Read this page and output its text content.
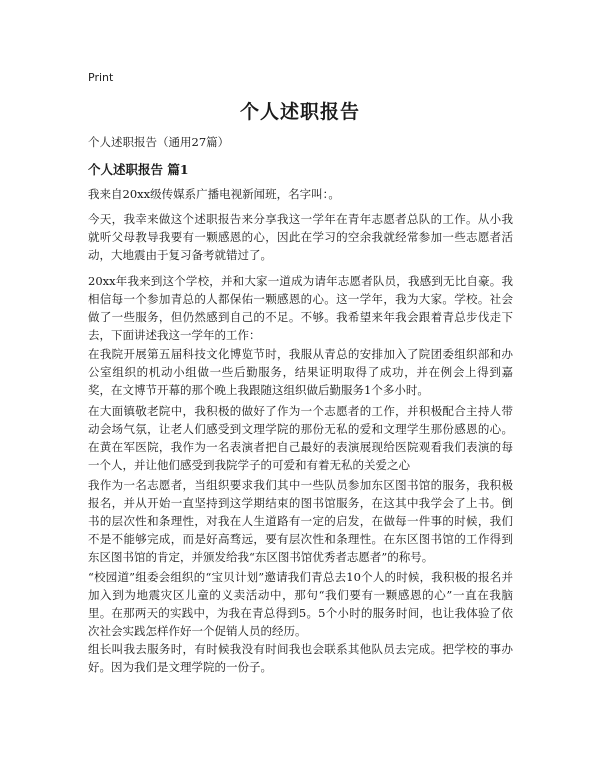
Print
个人述职报告
个人述职报告（通用27篇）
个人述职报告 篇1

我来自20xx级传媒系广播电视新闻班，名字叫：。

今天，我幸来做这个述职报告来分享我这一学年在青年志愿者总队的工作。从小我就听父母教导我要有一颗感恩的心，因此在学习的空余我就经常参加一些志愿者活动，大地震由于复习备考就错过了。

20xx年我来到这个学校，并和大家一道成为请年志愿者队员，我感到无比自豪。我相信每一个参加青总的人都保佑一颗感恩的心。这一学年，我为大家。学校。社会做了一些服务，但仍然感到自己的不足。不够。我希望来年我会跟着青总步伐走下去，下面讲述我这一学年的工作：

在我院开展第五届科技文化博览节时，我服从青总的安排加入了院团委组织部和办公室组织的机动小组做一些后勤服务，结果证明取得了成功，并在例会上得到嘉奖，在文博节开幕的那个晚上我跟随这组织做后勤服务1个多小时。

在大面镇敬老院中，我积极的做好了作为一个志愿者的工作，并积极配合主持人带动会场气氛，让老人们感受到文理学院的那份无私的爱和文理学生那份感恩的心。在黄在军医院，我作为一名表演者把自己最好的表演展现给医院观看我们表演的每一个人，并让他们感受到我院学子的可爱和有着无私的关爱之心

我作为一名志愿者，当组织要求我们其中一些队员参加东区图书馆的服务，我积极报名，并从开始一直坚持到这学期结束的图书馆服务，在这其中我学会了上书。倒书的层次性和条理性，对我在人生道路有一定的启发，在做每一件事的时候，我们不是不能够完成，而是好高骛远，要有层次性和条理性。在东区图书馆的工作得到东区图书馆的肯定，并颁发给我“东区图书馆优秀者志愿者”的称号。

“校园道”组委会组织的“宝贝计划”邀请我们青总去10个人的时候，我积极的报名并加入到为地震灾区儿童的义卖活动中，那句“我们要有一颗感恩的心”一直在我脑里。在那两天的实践中，为我在青总得到5。5个小时的服务时间，也让我体验了依次社会实践怎样作好一个促销人员的经历。

组长叫我去服务时，有时候我没有时间我也会联系其他队员去完成。把学校的事办好。因为我们是文理学院的一份子。
